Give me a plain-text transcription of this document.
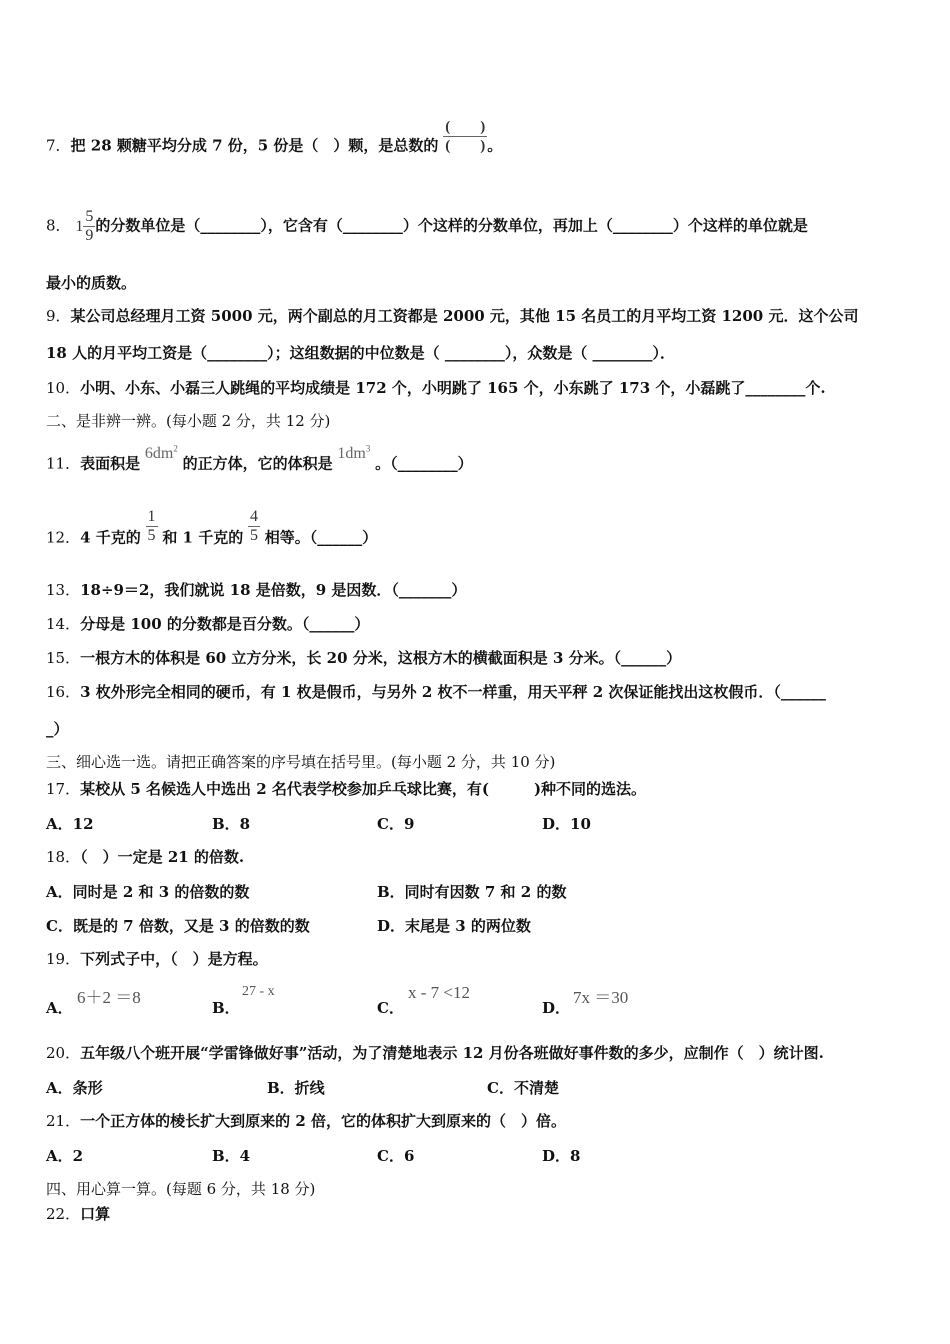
7．把 28 颗糖平均分成 7 份，5 份是（　）颗，是总数的 $\frac{( )}{( )}$ 。
8． $1 \frac{5}{9}$ 的分数单位是（________），它含有（________）个这样的分数单位，再加上（________）个这样的单位就是
最小的质数。
9．某公司总经理月工资 5000 元，两个副总的月工资都是 2000 元，其他 15 名员工的月平均工资 1200 元．这个公司
18 人的月平均工资是（________）；这组数据的中位数是（ ________），众数是（ ________）．
10．小明、小东、小磊三人跳绳的平均成绩是 172 个，小明跳了 165 个，小东跳了 173 个，小磊跳了________个.
二、是非辨一辨。(每小题 2 分，共 12 分)
11．表面积是 $6dm^2$ 的正方体，它的体积是 $1dm^3$ 。（________）
12．4 千克的 $\frac{1}{5}$ 和 1 千克的 $\frac{4}{5}$ 相等。（______）
13．18÷9＝2，我们就说 18 是倍数，9 是因数．（_______）
14．分母是 100 的分数都是百分数。（______）
15．一根方木的体积是 60 立方分米，长 20 分米，这根方木的横截面积是 3 分米。（______）
16．3 枚外形完全相同的硬币，有 1 枚是假币，与另外 2 枚不一样重，用天平秤 2 次保证能找出这枚假币．（______
_）
三、细心选一选。请把正确答案的序号填在括号里。(每小题 2 分，共 10 分)
17．某校从 5 名候选人中选出 2 名代表学校参加乒乓球比赛，有(　　　)种不同的选法。
A．12	B．8	C．9	D．10
18．（　）一定是 21 的倍数.
A．同时是 2 和 3 的倍数的数	B．同时有因数 7 和 2 的数
C．既是的 7 倍数，又是 3 的倍数的数	D．末尾是 3 的两位数
19．下列式子中，（　）是方程。
A．
6＋2 ＝8
B．
27 - x
C．
x - 7 <12
D．
7x ＝30
20．五年级八个班开展“学雷锋做好事”活动，为了清楚地表示 12 月份各班做好事件数的多少，应制作（　）统计图.
A．条形	B．折线	C．不清楚
21．一个正方体的棱长扩大到原来的 2 倍，它的体积扩大到原来的（　）倍。
A．2	B．4	C．6	D．8
四、用心算一算。(每题 6 分，共 18 分)
22．口算
